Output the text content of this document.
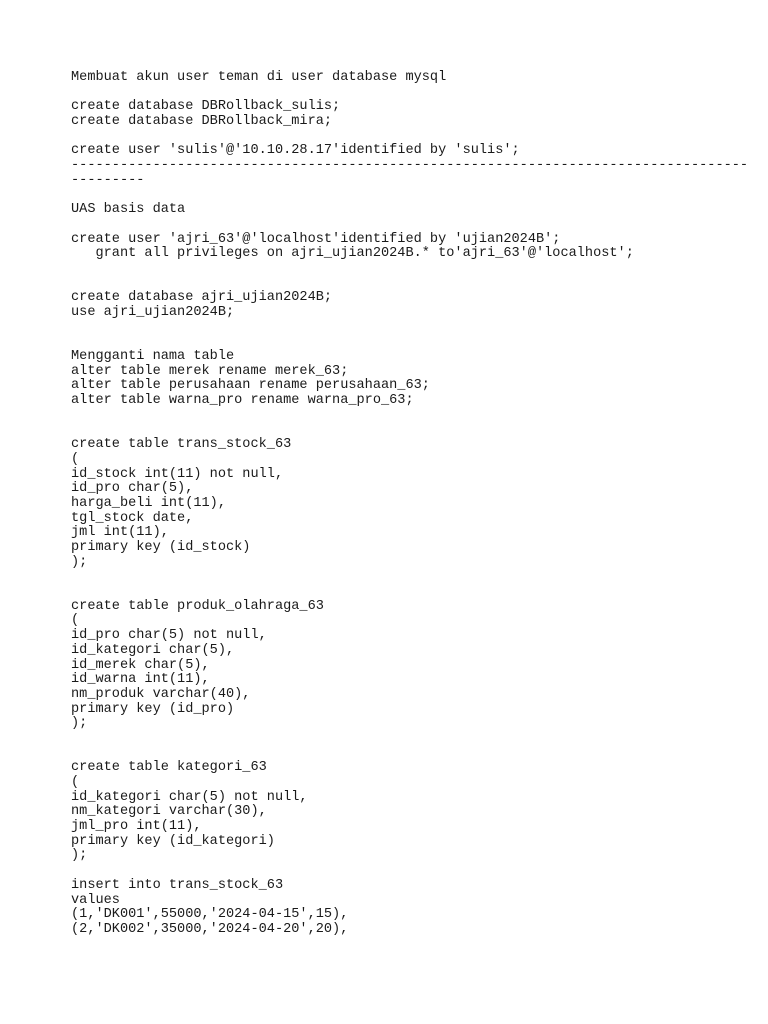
Membuat akun user teman di user database mysql
create database DBRollback_sulis;
create database DBRollback_mira;
create user 'sulis'@'10.10.28.17'identified by 'sulis';
-----------------------------------------------------------------------------------
---------
UAS basis data
create user 'ajri_63'@'localhost'identified by 'ujian2024B';
grant all privileges on ajri_ujian2024B.* to'ajri_63'@'localhost';
create database ajri_ujian2024B;
use ajri_ujian2024B;
Mengganti nama table
alter table merek rename merek_63;
alter table perusahaan rename perusahaan_63;
alter table warna_pro rename warna_pro_63;
create table trans_stock_63
(
id_stock int(11) not null,
id_pro char(5),
harga_beli int(11),
tgl_stock date,
jml int(11),
primary key (id_stock)
);
create table produk_olahraga_63
(
id_pro char(5) not null,
id_kategori char(5),
id_merek char(5),
id_warna int(11),
nm_produk varchar(40),
primary key (id_pro)
);
create table kategori_63
(
id_kategori char(5) not null,
nm_kategori varchar(30),
jml_pro int(11),
primary key (id_kategori)
);
insert into trans_stock_63
values
(1,'DK001',55000,'2024-04-15',15),
(2,'DK002',35000,'2024-04-20',20),
